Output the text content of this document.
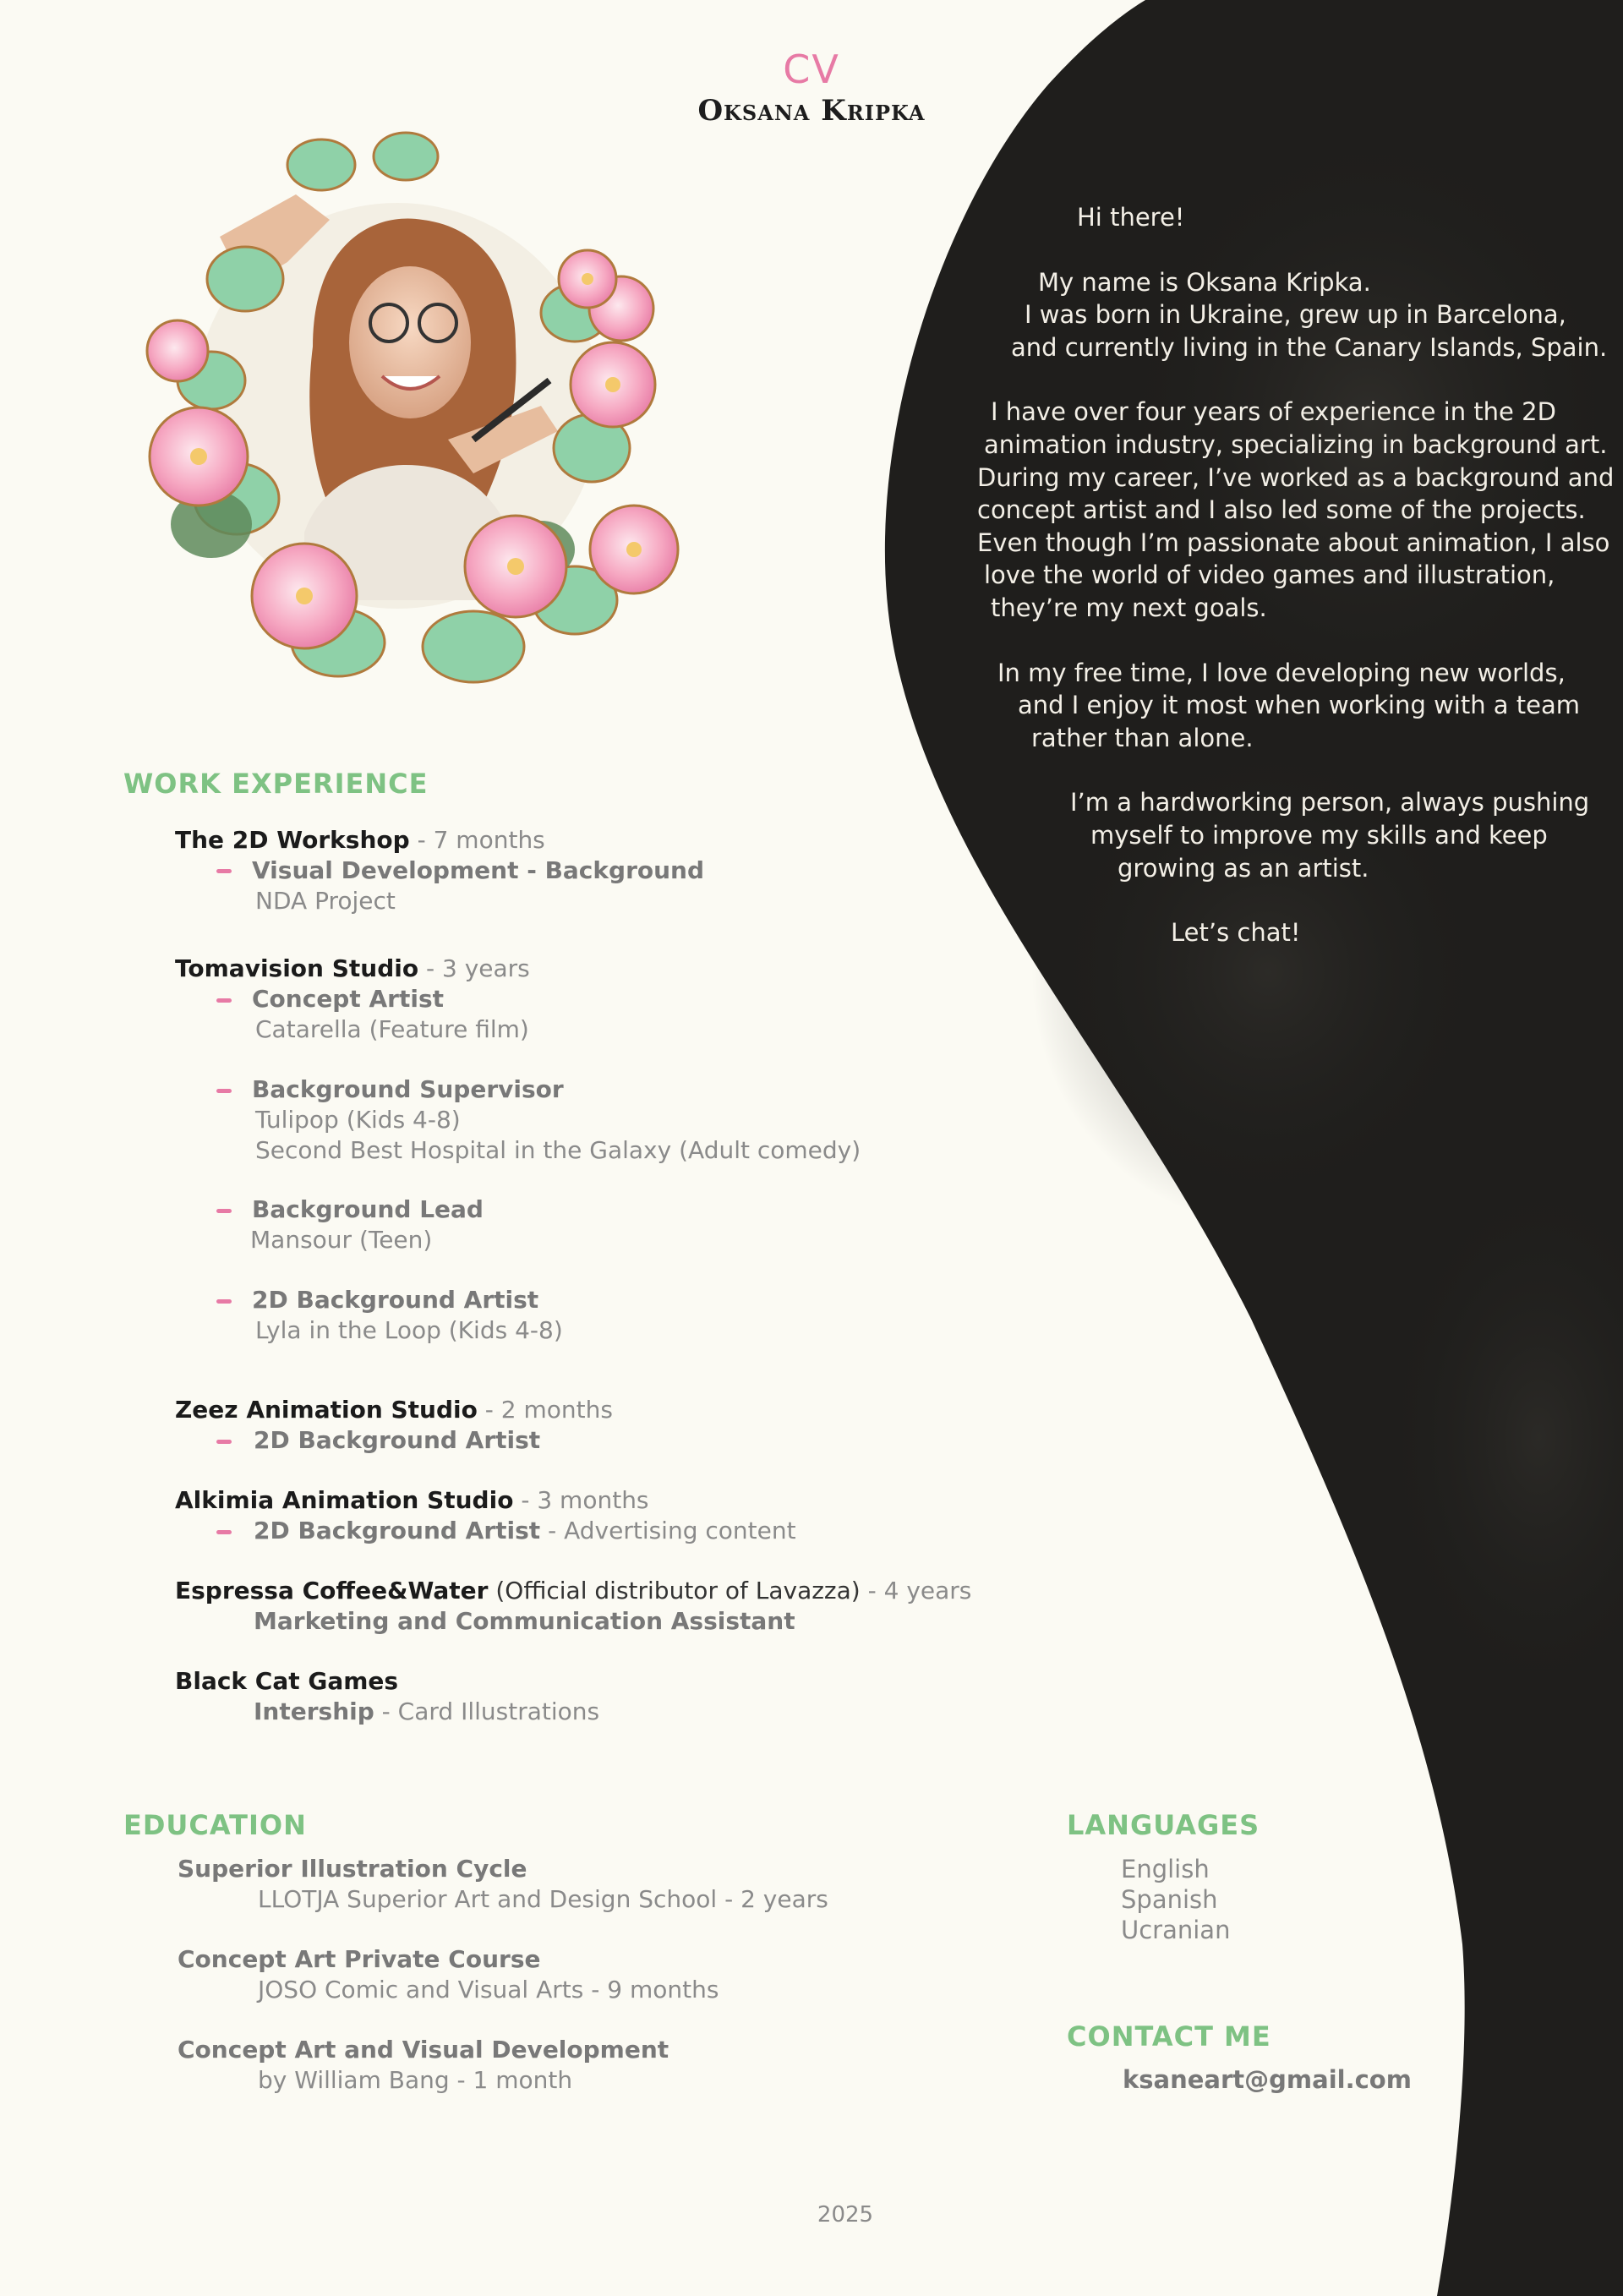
CV
Oksana Kripka

Hi there!

My name is Oksana Kripka.

I was born in Ukraine, grew up in Barcelona,

and currently living in the Canary Islands, Spain.

I have over four years of experience in the 2D

animation industry, specializing in background art.

During my career, I’ve worked as a background and

concept artist and I also led some of the projects.

Even though I’m passionate about animation, I also

love the world of video games and illustration,

they’re my next goals.

In my free time, I love developing new worlds,

and I enjoy it most when working with a team

rather than alone.

I’m a hardworking person, always pushing

myself to improve my skills and keep

growing as an artist.

Let’s chat!

WORK EXPERIENCE
The 2D Workshop - 7 months
Visual Development - Background
NDA Project
Tomavision Studio - 3 years
Concept Artist
Catarella (Feature film)
Background Supervisor
Tulipop (Kids 4-8)
Second Best Hospital in the Galaxy (Adult comedy)
Background Lead
Mansour (Teen)
2D Background Artist
Lyla in the Loop (Kids 4-8)
Zeez Animation Studio - 2 months
2D Background Artist
Alkimia Animation Studio - 3 months
2D Background Artist - Advertising content
Espressa Coffee&Water (Official distributor of Lavazza) - 4 years
Marketing and Communication Assistant
Black Cat Games
Intership - Card Illustrations
EDUCATION
Superior Illustration Cycle
LLOTJA Superior Art and Design School - 2 years
Concept Art Private Course
JOSO Comic and Visual Arts - 9 months
Concept Art and Visual Development
by William Bang - 1 month
LANGUAGES
English
Spanish
Ucranian
CONTACT ME
ksaneart@gmail.com
2025
